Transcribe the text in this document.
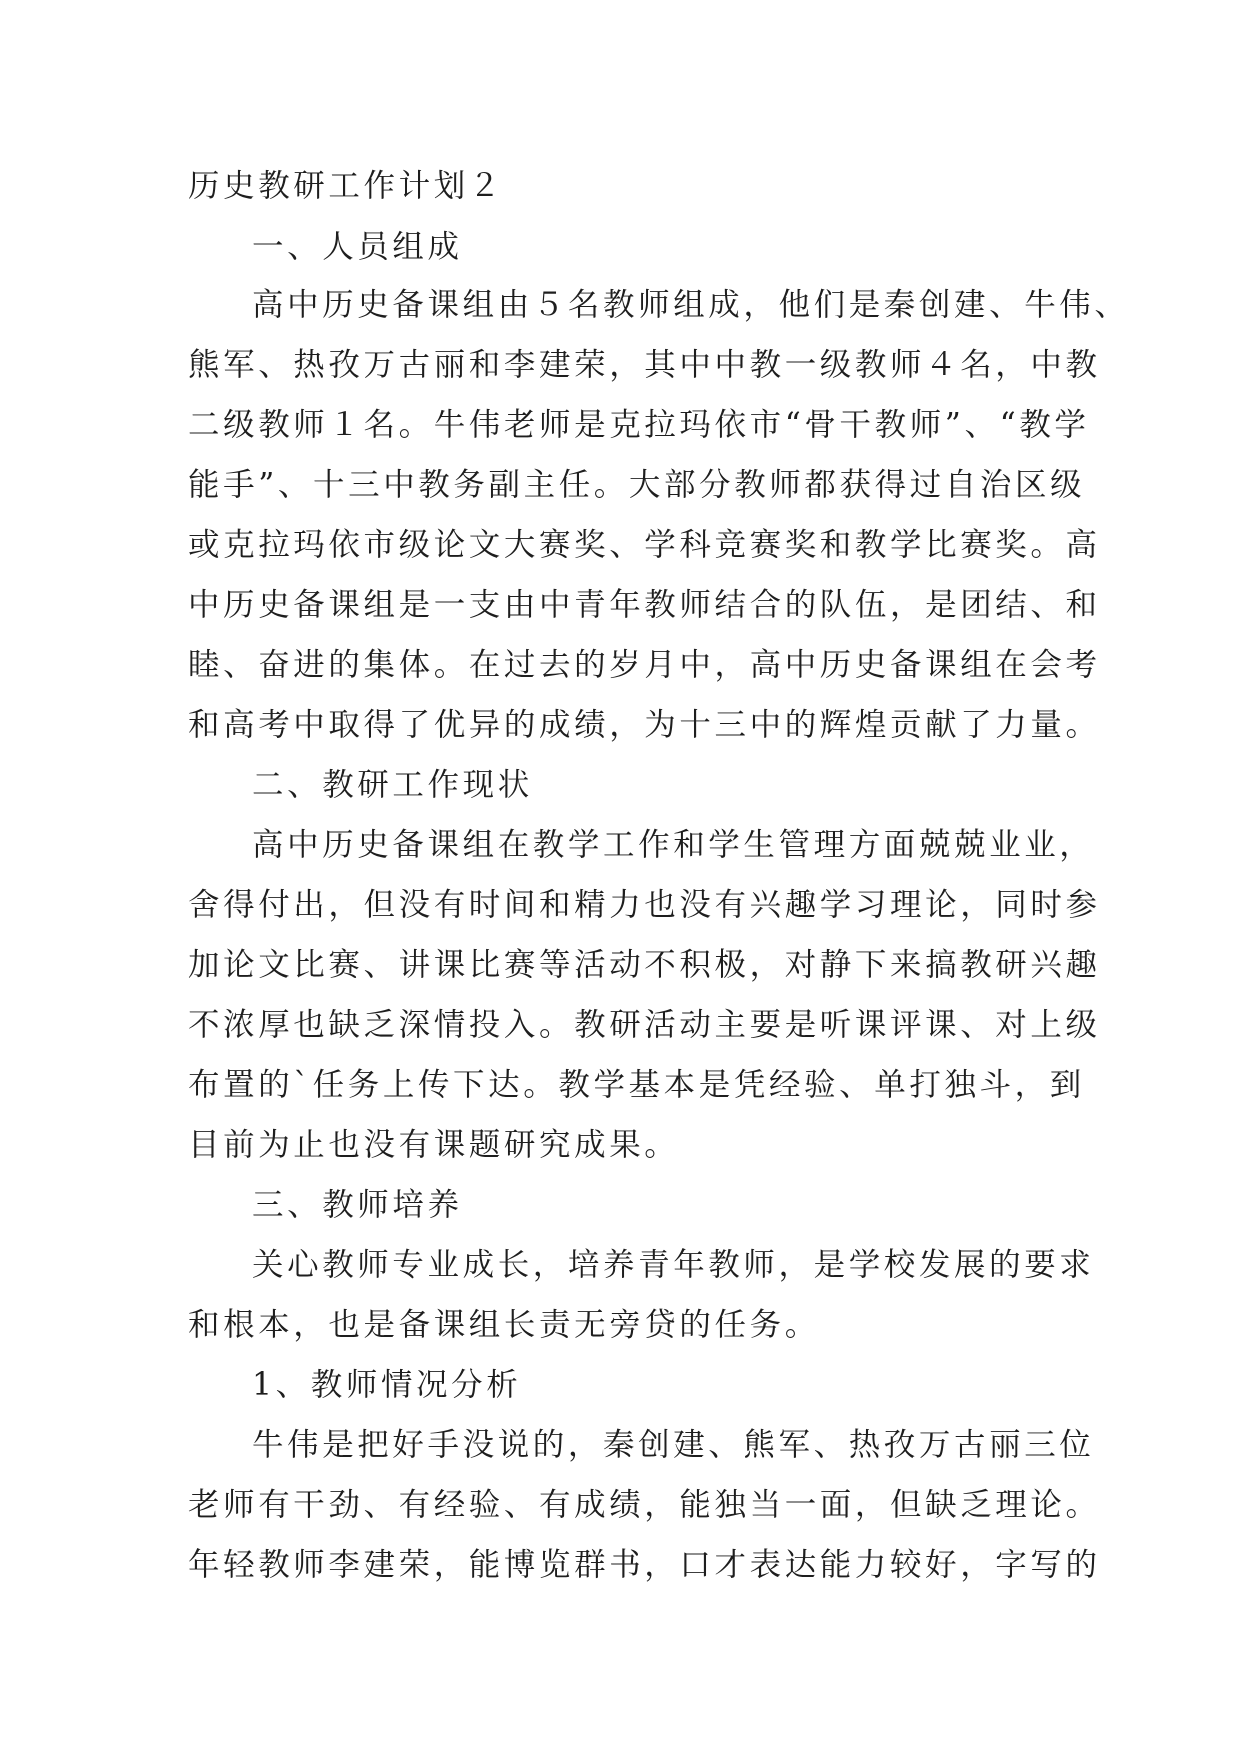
历史教研工作计划２
一、人员组成
高中历史备课组由５名教师组成，他们是秦创建、牛伟、
熊军、热孜万古丽和李建荣，其中中教一级教师４名，中教
二级教师１名。牛伟老师是克拉玛依市“骨干教师”、“教学
能手”、十三中教务副主任。大部分教师都获得过自治区级
或克拉玛依市级论文大赛奖、学科竞赛奖和教学比赛奖。高
中历史备课组是一支由中青年教师结合的队伍，是团结、和
睦、奋进的集体。在过去的岁月中，高中历史备课组在会考
和高考中取得了优异的成绩，为十三中的辉煌贡献了力量。
二、教研工作现状
高中历史备课组在教学工作和学生管理方面兢兢业业，
舍得付出，但没有时间和精力也没有兴趣学习理论，同时参
加论文比赛、讲课比赛等活动不积极，对静下来搞教研兴趣
不浓厚也缺乏深情投入。教研活动主要是听课评课、对上级
布置的`任务上传下达。教学基本是凭经验、单打独斗，到
目前为止也没有课题研究成果。
三、教师培养
关心教师专业成长，培养青年教师，是学校发展的要求
和根本，也是备课组长责无旁贷的任务。
1、教师情况分析
牛伟是把好手没说的，秦创建、熊军、热孜万古丽三位
老师有干劲、有经验、有成绩，能独当一面，但缺乏理论。
年轻教师李建荣，能博览群书，口才表达能力较好，字写的
